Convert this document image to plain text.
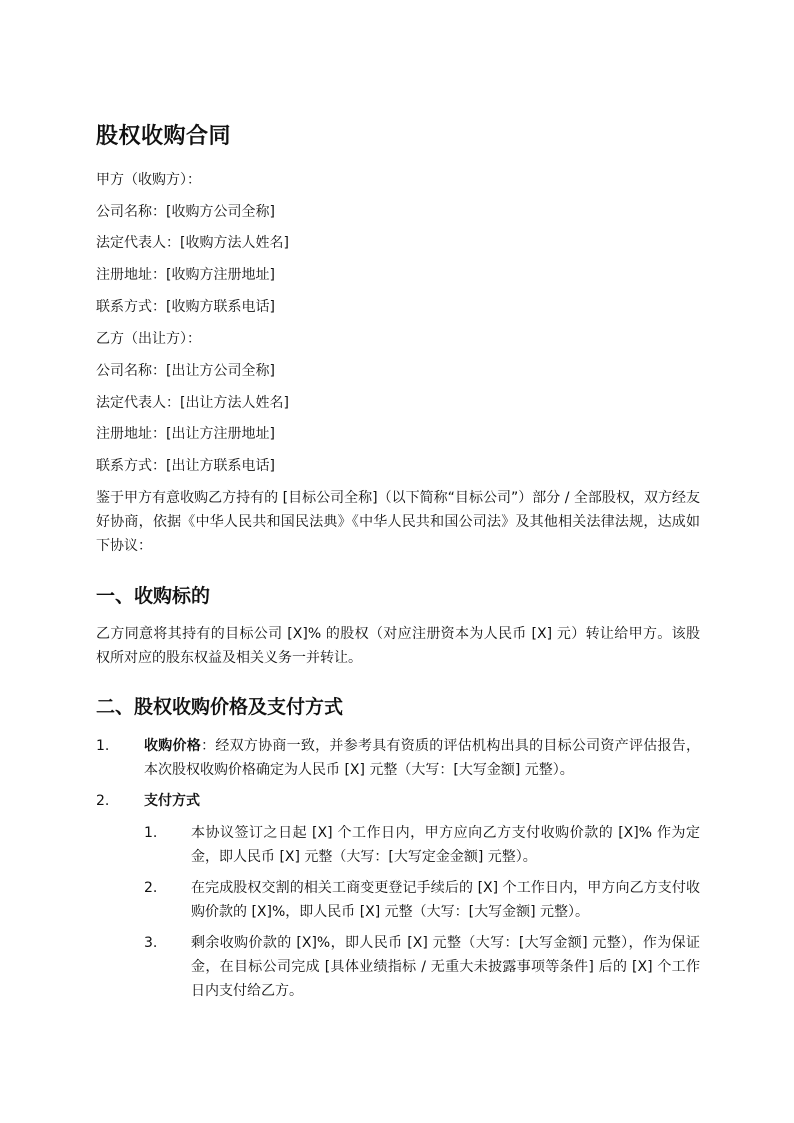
股权收购合同

甲方（收购方）：

公司名称：[收购方公司全称]

法定代表人：[收购方法人姓名]

注册地址：[收购方注册地址]

联系方式：[收购方联系电话]

乙方（出让方）：

公司名称：[出让方公司全称]

法定代表人：[出让方法人姓名]

注册地址：[出让方注册地址]

联系方式：[出让方联系电话]

鉴于甲方有意收购乙方持有的 [目标公司全称]（以下简称“目标公司”）部分 / 全部股权，双方经友好协商，依据《中华人民共和国民法典》《中华人民共和国公司法》及其他相关法律法规，达成如下协议：

一、收购标的

乙方同意将其持有的目标公司 [X]% 的股权（对应注册资本为人民币 [X] 元）转让给甲方。该股权所对应的股东权益及相关义务一并转让。

二、股权收购价格及支付方式
1. 收购价格：经双方协商一致，并参考具有资质的评估机构出具的目标公司资产评估报告，本次股权收购价格确定为人民币 [X] 元整（大写：[大写金额] 元整）。
2. 支付方式
1. 本协议签订之日起 [X] 个工作日内，甲方应向乙方支付收购价款的 [X]% 作为定金，即人民币 [X] 元整（大写：[大写定金金额] 元整）。
2. 在完成股权交割的相关工商变更登记手续后的 [X] 个工作日内，甲方向乙方支付收购价款的 [X]%，即人民币 [X] 元整（大写：[大写金额] 元整）。
3. 剩余收购价款的 [X]%，即人民币 [X] 元整（大写：[大写金额] 元整），作为保证金，在目标公司完成 [具体业绩指标 / 无重大未披露事项等条件] 后的 [X] 个工作日内支付给乙方。
